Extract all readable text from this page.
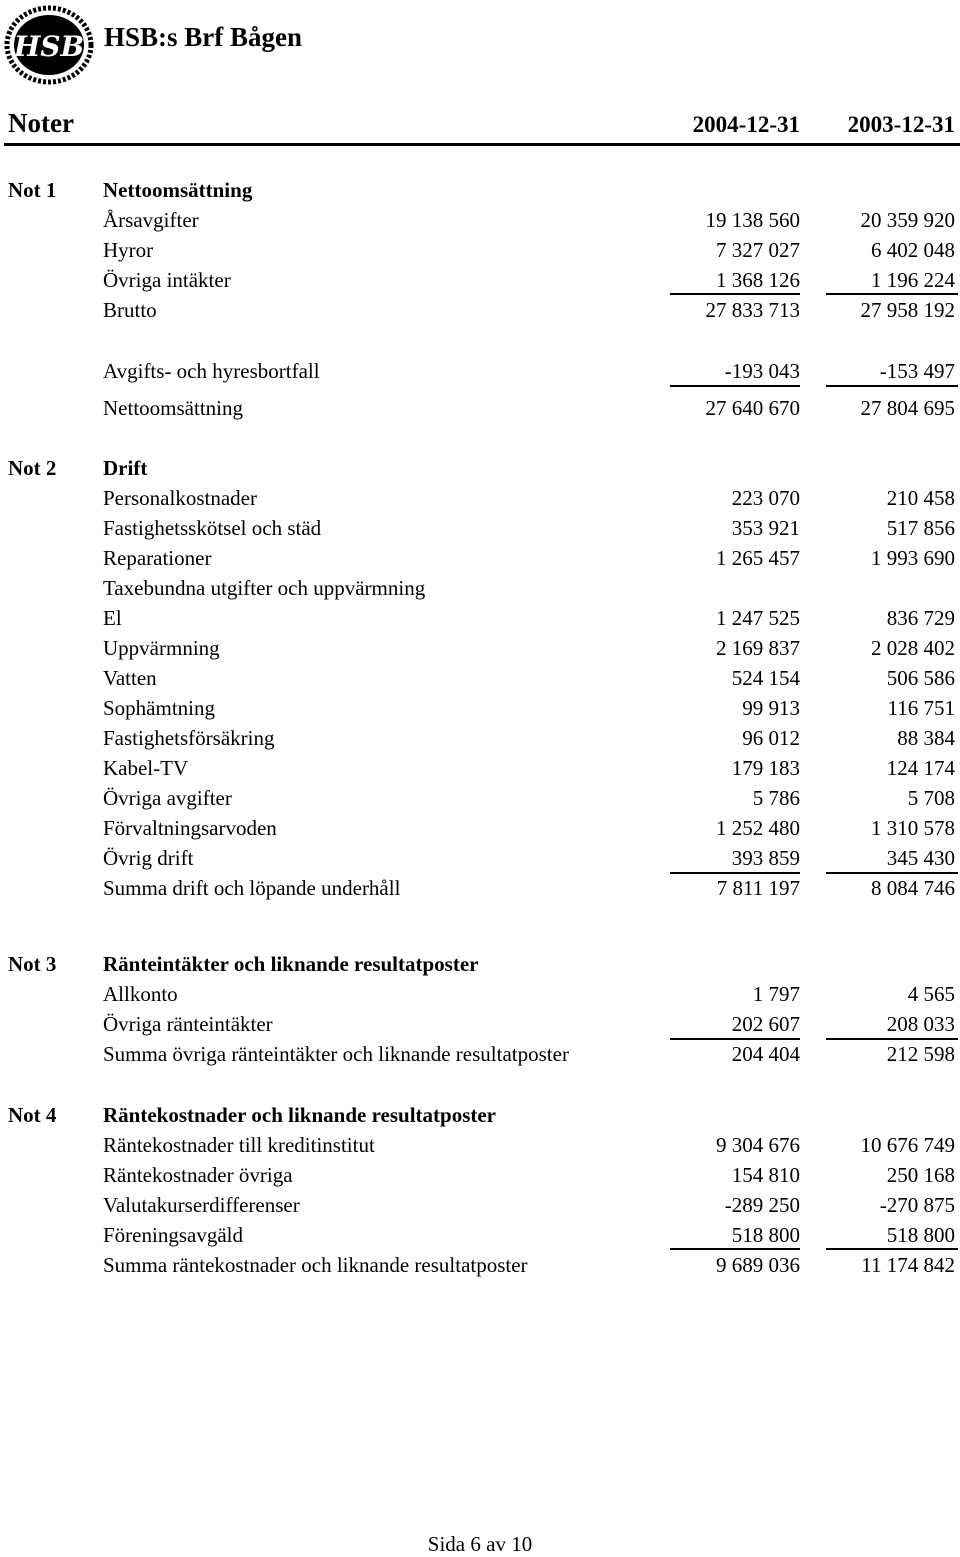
HSB HSB:s Brf Bågen
Noter	2004-12-31	2003-12-31
Not 1 Nettoomsättning
Årsavgifter	19 138 560	20 359 920
Hyror	7 327 027	6 402 048
Övriga intäkter	1 368 126	1 196 224
Brutto	27 833 713	27 958 192
Avgifts- och hyresbortfall	-193 043	-153 497
Nettoomsättning	27 640 670	27 804 695
Not 2 Drift
Personalkostnader	223 070	210 458
Fastighetsskötsel och städ	353 921	517 856
Reparationer	1 265 457	1 993 690
Taxebundna utgifter och uppvärmning
El	1 247 525	836 729
Uppvärmning	2 169 837	2 028 402
Vatten	524 154	506 586
Sophämtning	99 913	116 751
Fastighetsförsäkring	96 012	88 384
Kabel-TV	179 183	124 174
Övriga avgifter	5 786	5 708
Förvaltningsarvoden	1 252 480	1 310 578
Övrig drift	393 859	345 430
Summa drift och löpande underhåll	7 811 197	8 084 746
Not 3 Ränteintäkter och liknande resultatposter
Allkonto	1 797	4 565
Övriga ränteintäkter	202 607	208 033
Summa övriga ränteintäkter och liknande resultatposter	204 404	212 598
Not 4 Räntekostnader och liknande resultatposter
Räntekostnader till kreditinstitut	9 304 676	10 676 749
Räntekostnader övriga	154 810	250 168
Valutakurserdifferenser	-289 250	-270 875
Föreningsavgäld	518 800	518 800
Summa räntekostnader och liknande resultatposter	9 689 036	11 174 842
Sida 6 av 10
